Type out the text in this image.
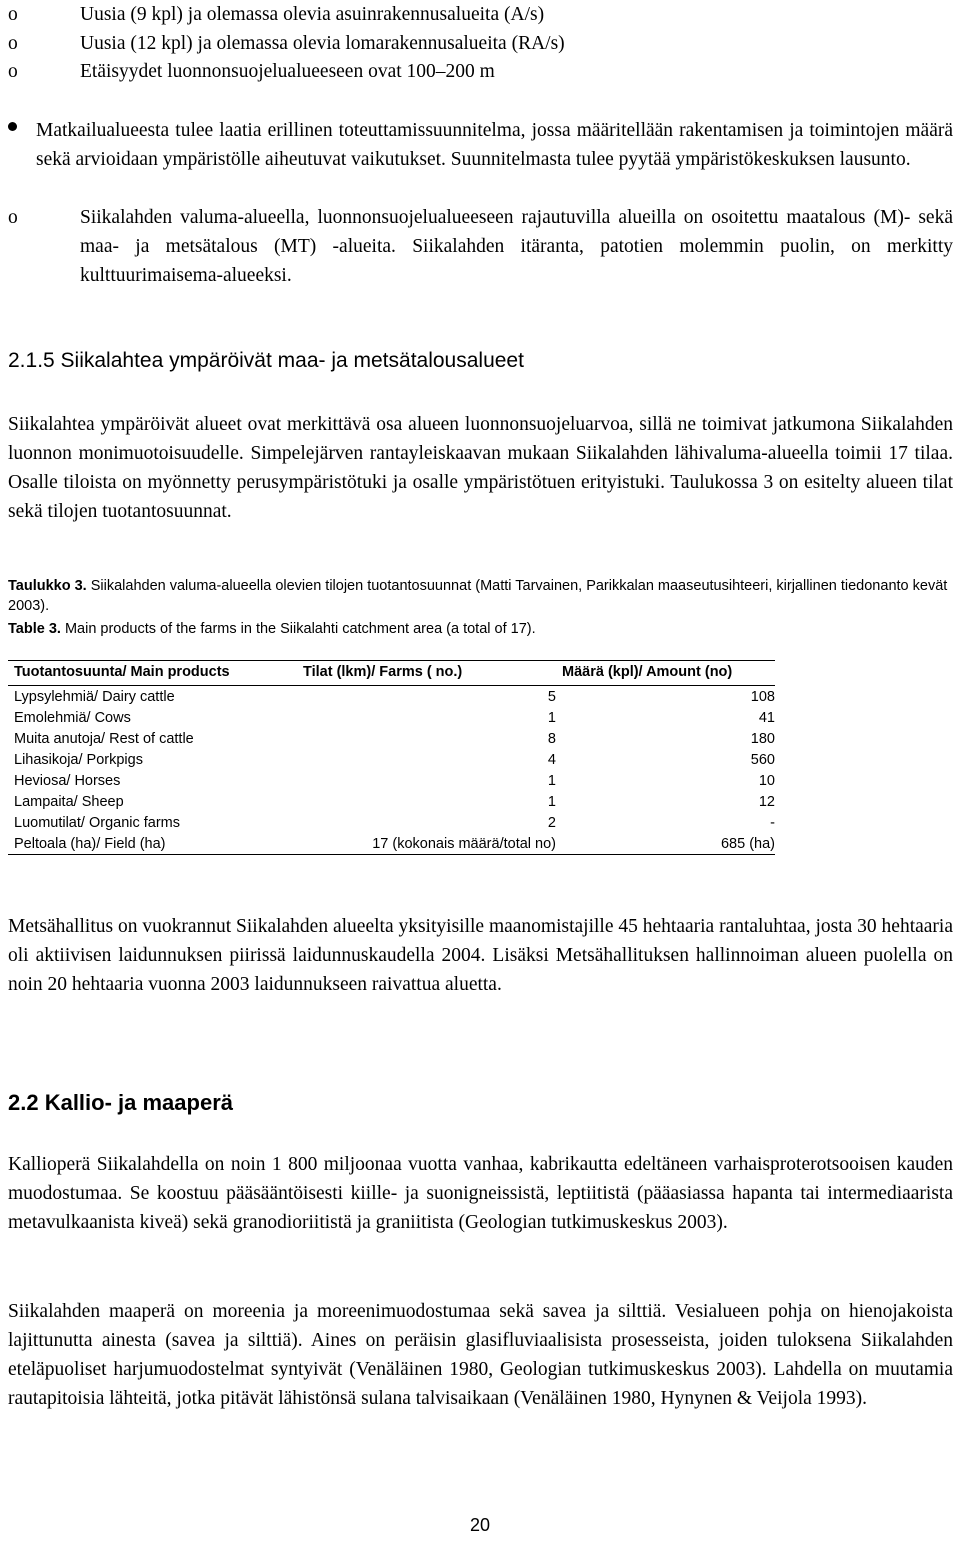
o	Uusia (9 kpl) ja olemassa olevia asuinrakennusalueita (A/s)
o	Uusia (12 kpl) ja olemassa olevia lomarakennusalueita (RA/s)
o	Etäisyydet luonnonsuojelualueeseen ovat 100–200 m
Matkailualueesta tulee laatia erillinen toteuttamissuunnitelma, jossa määritellään rakentamisen ja toimintojen määrä sekä arvioidaan ympäristölle aiheutuvat vaikutukset. Suunnitelmasta tulee pyytää ympäristökeskuksen lausunto.
o	Siikalahden valuma-alueella, luonnonsuojelualueeseen rajautuvilla alueilla on osoitettu maatalous (M)- sekä maa- ja metsätalous (MT) -alueita. Siikalahden itäranta, patotien molemmin puolin, on merkitty kulttuurimaisema-alueeksi.
2.1.5 Siikalahtea ympäröivät maa- ja metsätalousalueet
Siikalahtea ympäröivät alueet ovat merkittävä osa alueen luonnonsuojeluarvoa, sillä ne toimivat jatkumona Siikalahden luonnon monimuotoisuudelle. Simpelejärven rantayleiskaavan mukaan Siikalahden lähivaluma-alueella toimii 17 tilaa. Osalle tiloista on myönnetty perusympäristötuki ja osalle ympäristötuen erityistuki. Taulukossa 3 on esitelty alueen tilat sekä tilojen tuotantosuunnat.
Taulukko 3. Siikalahden valuma-alueella olevien tilojen tuotantosuunnat (Matti Tarvainen, Parikkalan maaseutusihteeri, kirjallinen tiedonanto kevät 2003).
Table 3. Main products of the farms in the Siikalahti catchment area (a total of 17).
Tuotantosuunta/ Main products	Tilat (lkm)/ Farms ( no.)	Määrä (kpl)/ Amount (no)
Lypsylehmiä/ Dairy cattle	5	108
Emolehmiä/ Cows	1	41
Muita anutoja/ Rest of cattle	8	180
Lihasikoja/ Porkpigs	4	560
Heviosa/ Horses	1	10
Lampaita/ Sheep	1	12
Luomutilat/ Organic farms	2	-
Peltoala (ha)/ Field (ha)	17 (kokonais määrä/total no)	685 (ha)
Metsähallitus on vuokrannut Siikalahden alueelta yksityisille maanomistajille 45 hehtaaria rantaluhtaa, josta 30 hehtaaria oli aktiivisen laidunnuksen piirissä laidunnuskaudella 2004. Lisäksi Metsähallituksen hallinnoiman alueen puolella on noin 20 hehtaaria vuonna 2003 laidunnukseen raivattua aluetta.
2.2 Kallio- ja maaperä
Kallioperä Siikalahdella on noin 1 800 miljoonaa vuotta vanhaa, kabrikautta edeltäneen varhaisproterotsooisen kauden muodostumaa. Se koostuu pääsääntöisesti kiille- ja suonigneissistä, leptiitistä (pääasiassa hapanta tai intermediaarista metavulkaanista kiveä) sekä granodioriitistä ja graniitista (Geologian tutkimuskeskus 2003).
Siikalahden maaperä on moreenia ja moreenimuodostumaa sekä savea ja silttiä. Vesialueen pohja on hienojakoista lajittunutta ainesta (savea ja silttiä). Aines on peräisin glasifluviaalisista prosesseista, joiden tuloksena Siikalahden eteläpuoliset harjumuodostelmat syntyivät (Venäläinen 1980, Geologian tutkimuskeskus 2003). Lahdella on muutamia rautapitoisia lähteitä, jotka pitävät lähistönsä sulana talvisaikaan (Venäläinen 1980, Hynynen & Veijola 1993).
20
